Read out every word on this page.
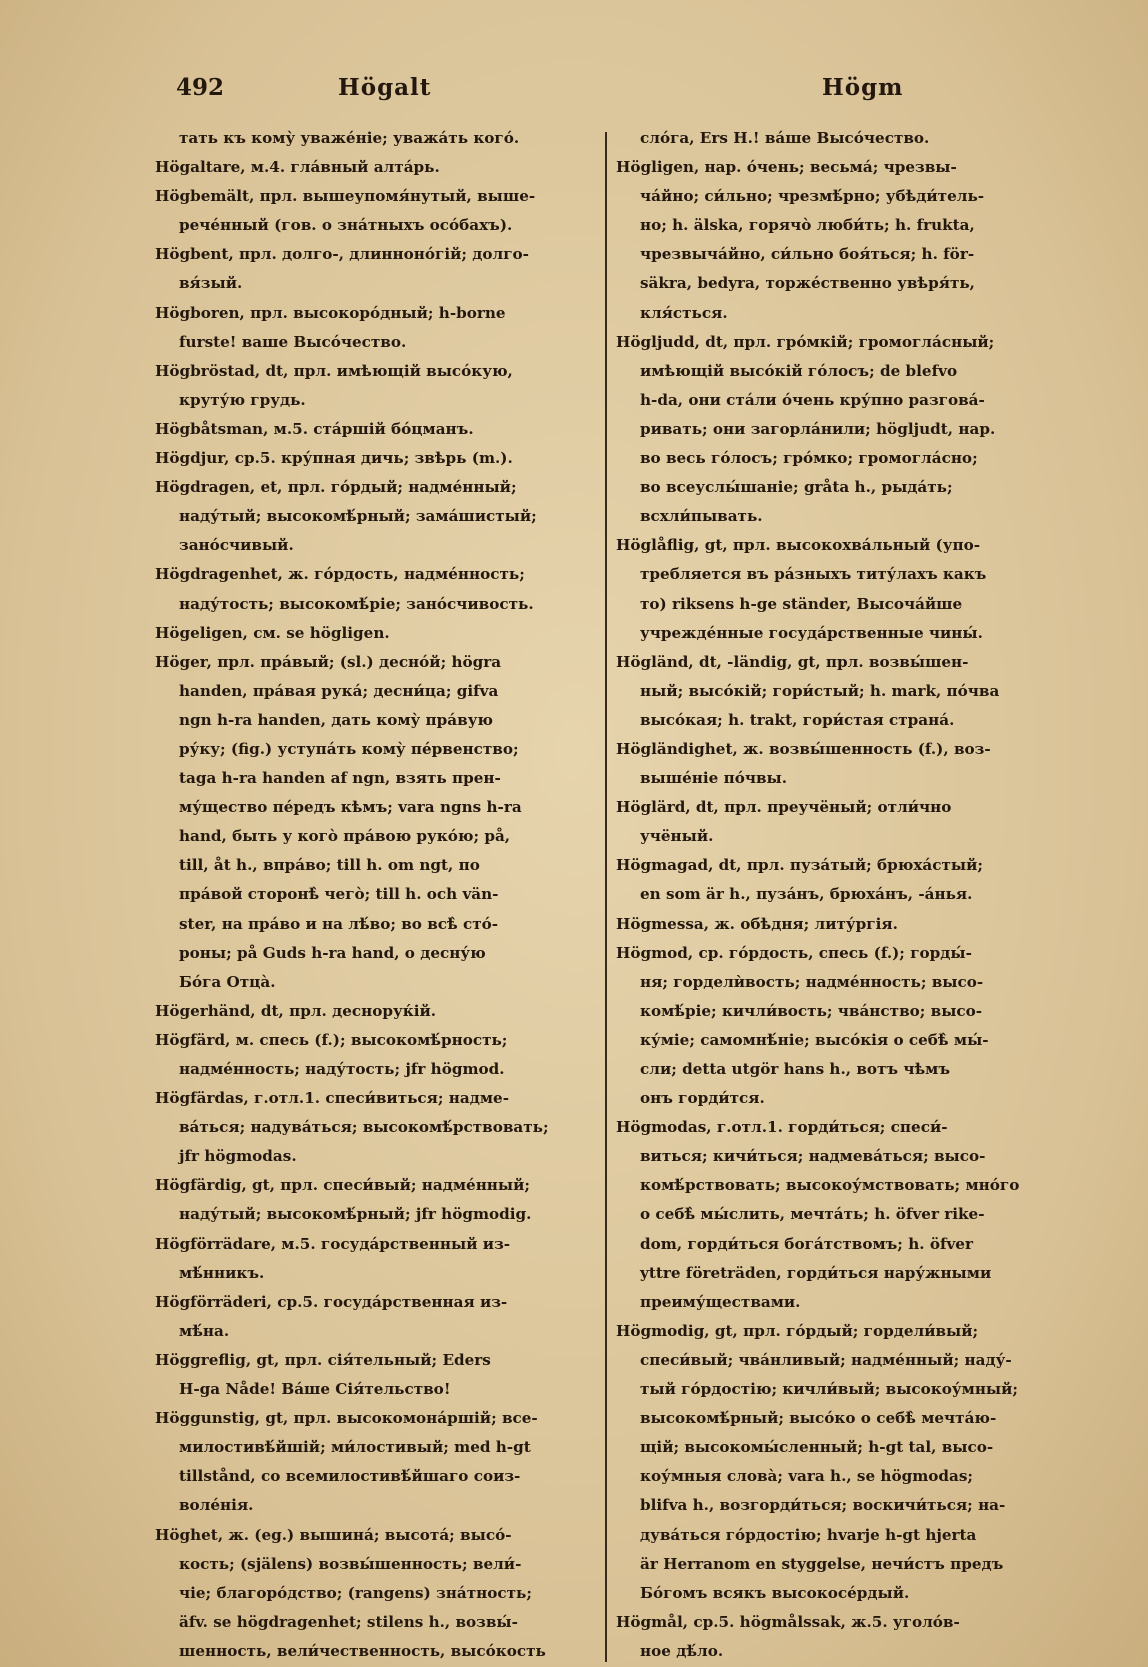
492	Högalt	Högm
тать къ кому̀ уваже́ніе; уважа́ть кого́.
Högaltare, м.4. гла́вный алта́рь.
Högbemält, прл. вышеупомя́нутый, выше-
рече́нный (гов. о зна́тныхъ осо́бахъ).
Högbent, прл. долго-, длинноно́гій; долго-
вя́зый.
Högboren, прл. высокоро́дный; h-borne
furste! ваше Высо́чество.
Högbröstad, dt, прл. имѣющій высо́кую,
круту́ю грудь.
Högbåtsman, м.5. ста́ршій бо́цманъ.
Högdjur, ср.5. кру́пная дичь; звѣрь (m.).
Högdragen, et, прл. го́рдый; надме́нный;
наду́тый; высокомѣ́рный; зама́шистый;
зано́счивый.
Högdragenhet, ж. го́рдость, надме́нность;
наду́тость; высокомѣ́ріе; зано́счивость.
Högeligen, см. se högligen.
Höger, прл. пра́вый; (sl.) десно́й; högra
handen, пра́вая рука́; десни́ца; gifva
ngn h-ra handen, дать кому̀ пра́вую
ру́ку; (fig.) уступа́ть кому̀ пе́рвенство;
taga h-ra handen af ngn, взять прен-
му́щество пе́редъ кѣмъ; vara ngns h-ra
hand, быть у кого̀ пра́вою руко́ю; på,
till, åt h., впра́во; till h. om ngt, по
пра́вой сторонѣ̀ чего̀; till h. och vän-
ster, на пра́во и на лѣ́во; во всѣ̀ сто́-
роны; på Guds h-ra hand, о десну́ю
Бо́га Отца̀.
Högerhänd, dt, прл. десноруќій.
Högfärd, м. спесь (f.); высокомѣ́рность;
надме́нность; наду́тость; jfr högmod.
Högfärdas, г.отл.1. спеси́виться; надме-
ва́ться; надува́ться; высокомѣ́рствовать;
jfr högmodas.
Högfärdig, gt, прл. спеси́вый; надме́нный;
наду́тый; высокомѣ́рный; jfr högmodig.
Högförrädare, м.5. госуда́рственный из-
мѣ́нникъ.
Högförräderi, ср.5. госуда́рственная из-
мѣ́на.
Höggreflig, gt, прл. сія́тельный; Eders
H-ga Nåde! Ва́ше Сія́тельство!
Höggunstig, gt, прл. высокомона́ршій; все-
милостивѣ́йшій; ми́лостивый; med h-gt
tillstånd, со всемилостивѣ́йшаго соиз-
воле́нія.
Höghet, ж. (eg.) вышина́; высота́; высо́-
кость; (själens) возвы́шенность; вели́-
чіе; благоро́дство; (rangens) зна́тность;
äfv. se högdragenhet; stilens h., возвы́-
шенность, вели́чественность, высо́кость
сло́га, Ers H.! ва́ше Высо́чество.
Högligen, нар. о́чень; весьма́; чрезвы-
ча́йно; си́льно; чрезмѣ́рно; убѣди́тель-
но; h. älska, горячо̀ люби́ть; h. frukta,
чрезвыча́йно, си́льно боя́ться; h. för-
säkra, bedyra, торже́ственно увѣря́ть,
кля́сться.
Högljudd, dt, прл. гро́мкій; громогла́сный;
имѣющій высо́кій го́лосъ; de blefvo
h-da, они ста́ли о́чень кру́пно разгова́-
ривать; они загорла́нили; högljudt, нар.
во весь го́лосъ; гро́мко; громогла́сно;
во всеуслы́шаніе; gråta h., рыда́ть;
всхли́пывать.
Höglåflig, gt, прл. высокохва́льный (упо-
требляется въ ра́зныхъ титу́лахъ какъ
то) riksens h-ge ständer, Высоча́йше
учрежде́нные госуда́рственные чины́.
Högländ, dt, -ländig, gt, прл. возвы́шен-
ный; высо́кій; гори́стый; h. mark, по́чва
высо́кая; h. trakt, гори́стая страна́.
Högländighet, ж. возвы́шенность (f.), воз-
выше́ніе по́чвы.
Höglärd, dt, прл. преучёный; отли́чно
учёный.
Högmagad, dt, прл. пуза́тый; брюха́стый;
en som är h., пуза́нъ, брюха́нъ, -а́нья.
Högmessa, ж. обѣдня; литу́ргія.
Högmod, ср. го́рдость, спесь (f.); горды́-
ня; горделѝвость; надме́нность; высо-
комѣ́ріе; кичли́вость; чва́нство; высо-
ку́міе; самомнѣ́ніе; высо́кія о себѣ̀ мы́-
сли; detta utgör hans h., вотъ чѣмъ
онъ горди́тся.
Högmodas, г.отл.1. горди́ться; спеси́-
виться; кичи́ться; надмева́ться; высо-
комѣ́рствовать; высокоу́мствовать; мно́го
о себѣ̀ мы́слить, мечта́ть; h. öfver rike-
dom, горди́ться бога́тствомъ; h. öfver
yttre företräden, горди́ться нару́жными
преиму́ществами.
Högmodig, gt, прл. го́рдый; гордели́вый;
спеси́вый; чва́нливый; надме́нный; наду́-
тый го́рдостію; кичли́вый; высокоу́мный;
высокомѣ́рный; высо́ко о себѣ̀ мечта́ю-
щій; высокомы́сленный; h-gt tal, высо-
коу́мныя слова̀; vara h., se högmodas;
blifva h., возгорди́ться; воскичи́ться; на-
дува́ться го́рдостію; hvarje h-gt hjerta
är Herranom en styggelse, нечи́стъ предъ
Бо́гомъ всякъ высокосе́рдый.
Högmål, ср.5. högmålssak, ж.5. уголо́в-
ное дѣ́ло.
